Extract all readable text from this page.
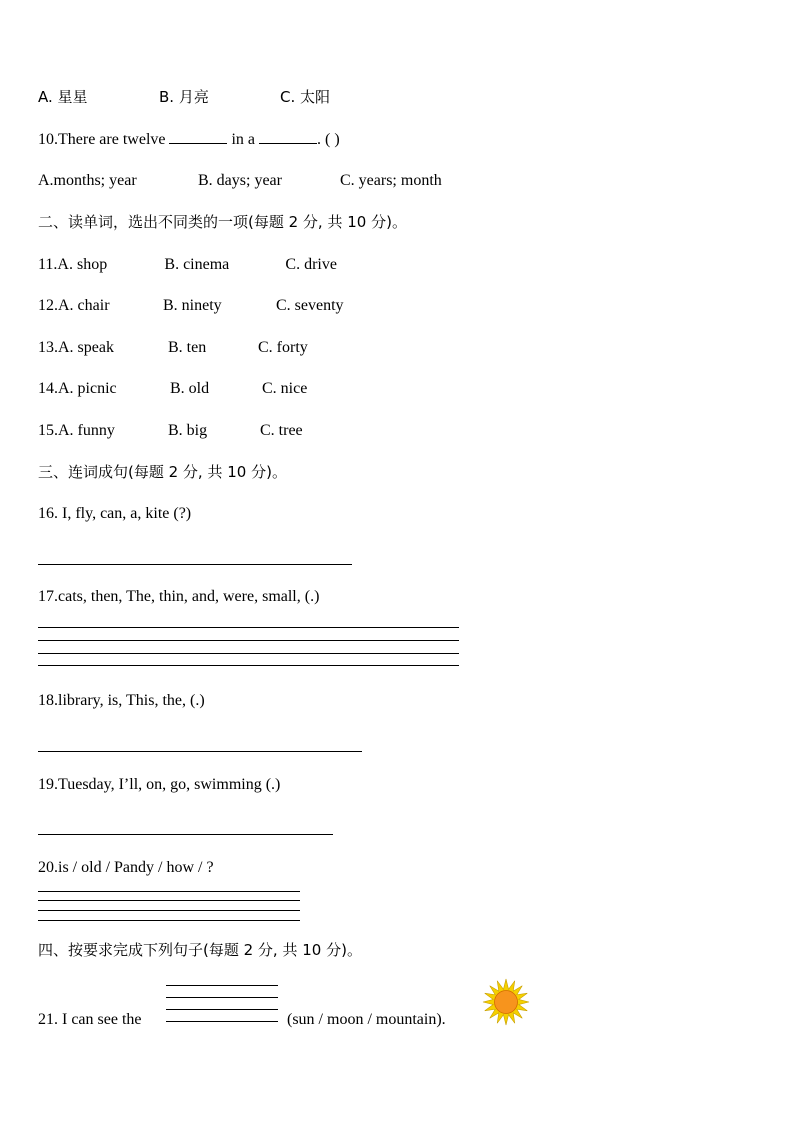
A. 星星	B. 月亮	C. 太阳
10.There are twelve	in a	. ( )
A.months; year	B. days; year	C. years; month
二、读单词，选出不同类的一项(每题 2 分, 共 10 分)。
11.A. shop	B. cinema	C. drive
12.A. chair	B. ninety	C. seventy
13.A. speak	B. ten	C. forty
14.A. picnic	B. old	C. nice
15.A. funny	B. big	C. tree
三、连词成句(每题 2 分, 共 10 分)。
16. I, fly, can, a, kite (?)
17.cats, then, The, thin, and, were, small, (.)
18.library, is, This, the, (.)
19.Tuesday, I’ll, on, go, swimming (.)
20.is / old / Pandy / how / ?
四、按要求完成下列句子(每题 2 分, 共 10 分)。
21. I can see the	(sun / moon / mountain).
